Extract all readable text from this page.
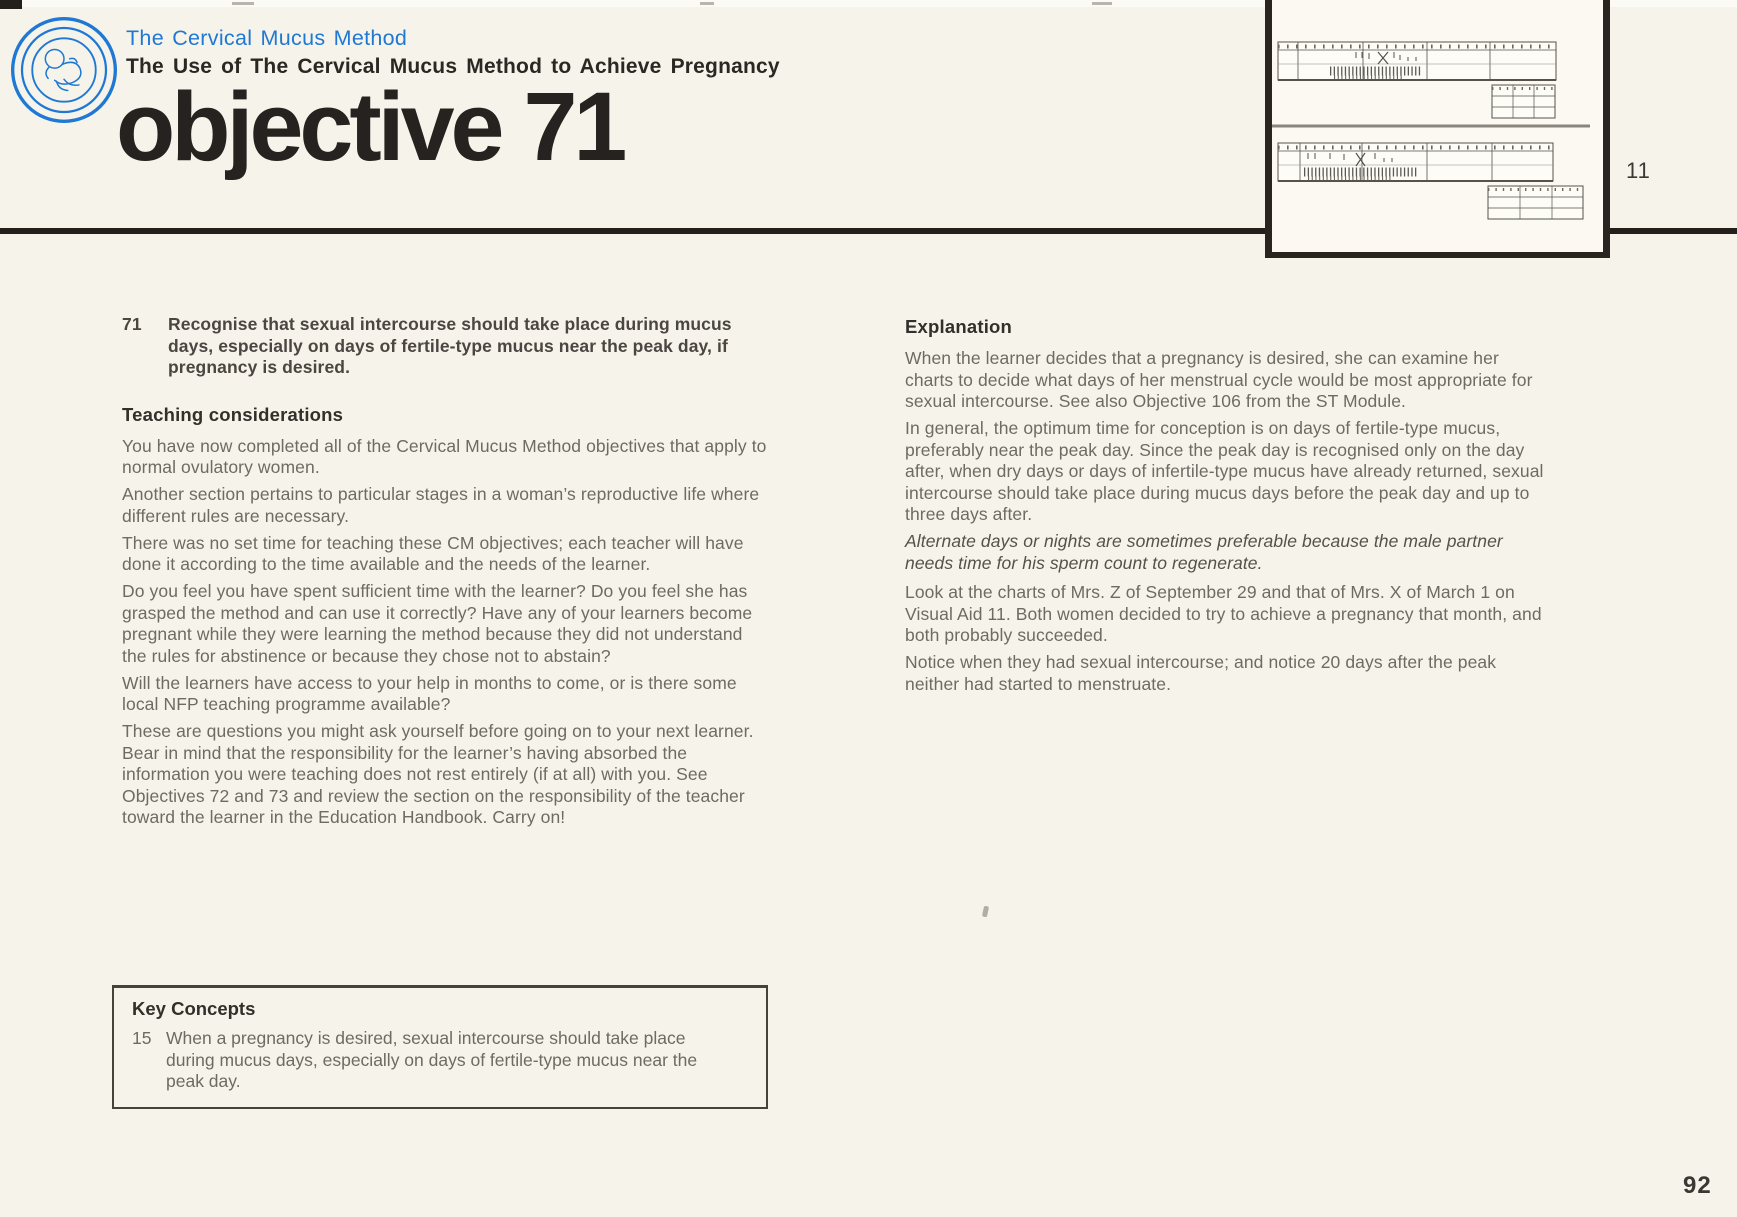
The Cervical Mucus Method
The Use of The Cervical Mucus Method to Achieve Pregnancy
objective 71	11
71	Recognise that sexual intercourse should take place during mucus days, especially on days of fertile-type mucus near the peak day, if pregnancy is desired.
Teaching considerations

You have now completed all of the Cervical Mucus Method objectives that apply to normal ovulatory women.

Another section pertains to particular stages in a woman’s reproductive life where different rules are necessary.

There was no set time for teaching these CM objectives; each teacher will have done it according to the time available and the needs of the learner.

Do you feel you have spent sufficient time with the learner? Do you feel she has grasped the method and can use it correctly? Have any of your learners become pregnant while they were learning the method because they did not understand the rules for abstinence or because they chose not to abstain?

Will the learners have access to your help in months to come, or is there some local NFP teaching programme available?

These are questions you might ask yourself before going on to your next learner. Bear in mind that the responsibility for the learner’s having absorbed the information you were teaching does not rest entirely (if at all) with you. See Objectives 72 and 73 and review the section on the responsibility of the teacher toward the learner in the Education Handbook. Carry on!

Explanation

When the learner decides that a pregnancy is desired, she can examine her charts to decide what days of her menstrual cycle would be most appropriate for sexual intercourse. See also Objective 106 from the ST Module.

In general, the optimum time for conception is on days of fertile-type mucus, preferably near the peak day. Since the peak day is recognised only on the day after, when dry days or days of infertile-type mucus have already returned, sexual intercourse should take place during mucus days before the peak day and up to three days after.

Alternate days or nights are sometimes preferable because the male partner needs time for his sperm count to regenerate.

Look at the charts of Mrs. Z of September 29 and that of Mrs. X of March 1 on Visual Aid 11. Both women decided to try to achieve a pregnancy that month, and both probably succeeded.

Notice when they had sexual intercourse; and notice 20 days after the peak neither had started to menstruate.

Key Concepts
15 When a pregnancy is desired, sexual intercourse should take place during mucus days, especially on days of fertile-type mucus near the peak day.
92
